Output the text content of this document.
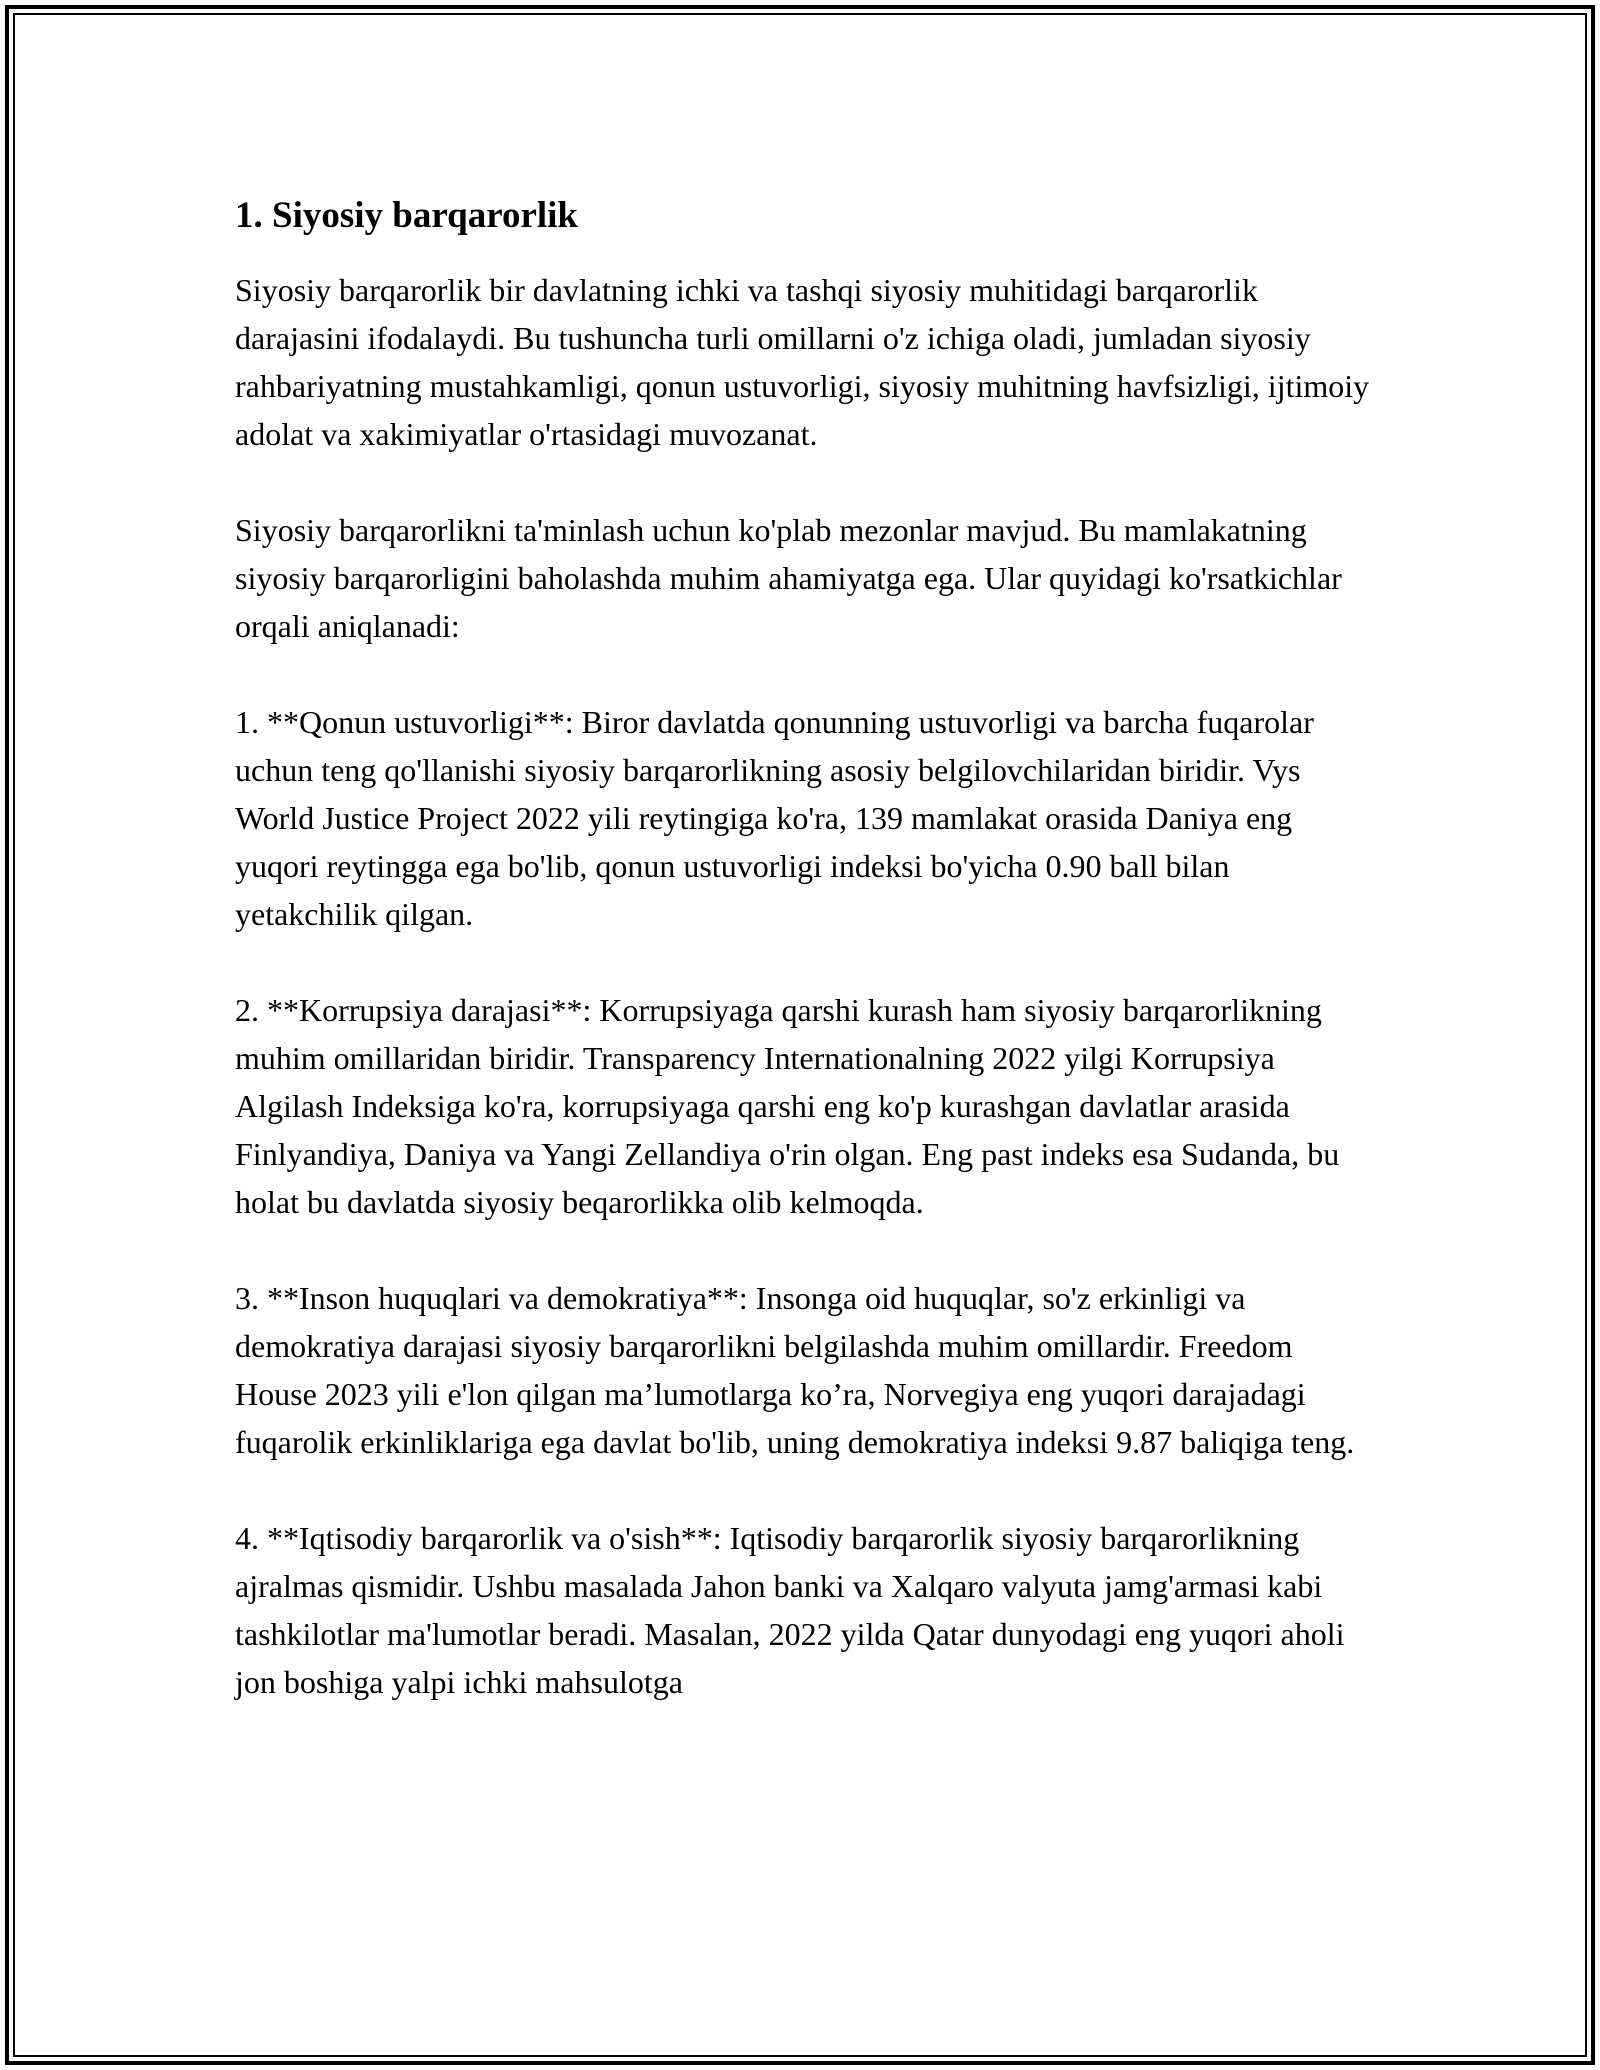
1. Siyosiy barqarorlik

Siyosiy barqarorlik bir davlatning ichki va tashqi siyosiy muhitidagi barqarorlik darajasini ifodalaydi. Bu tushuncha turli omillarni o'z ichiga oladi, jumladan siyosiy rahbariyatning mustahkamligi, qonun ustuvorligi, siyosiy muhitning havfsizligi, ijtimoiy adolat va xakimiyatlar o'rtasidagi muvozanat.

Siyosiy barqarorlikni ta'minlash uchun ko'plab mezonlar mavjud. Bu mamlakatning siyosiy barqarorligini baholashda muhim ahamiyatga ega. Ular quyidagi ko'rsatkichlar orqali aniqlanadi:

1. **Qonun ustuvorligi**: Biror davlatda qonunning ustuvorligi va barcha fuqarolar uchun teng qo'llanishi siyosiy barqarorlikning asosiy belgilovchilaridan biridir. Vys World Justice Project 2022 yili reytingiga ko'ra, 139 mamlakat orasida Daniya eng yuqori reytingga ega bo'lib, qonun ustuvorligi indeksi bo'yicha 0.90 ball bilan yetakchilik qilgan.

2. **Korrupsiya darajasi**: Korrupsiyaga qarshi kurash ham siyosiy barqarorlikning muhim omillaridan biridir. Transparency Internationalning 2022 yilgi Korrupsiya Algilash Indeksiga ko'ra, korrupsiyaga qarshi eng ko'p kurashgan davlatlar arasida Finlyandiya, Daniya va Yangi Zellandiya o'rin olgan. Eng past indeks esa Sudanda, bu holat bu davlatda siyosiy beqarorlikka olib kelmoqda.

3. **Inson huquqlari va demokratiya**: Insonga oid huquqlar, so'z erkinligi va demokratiya darajasi siyosiy barqarorlikni belgilashda muhim omillardir. Freedom House 2023 yili e'lon qilgan ma’lumotlarga ko’ra, Norvegiya eng yuqori darajadagi fuqarolik erkinliklariga ega davlat bo'lib, uning demokratiya indeksi 9.87 baliqiga teng.

4. **Iqtisodiy barqarorlik va o'sish**: Iqtisodiy barqarorlik siyosiy barqarorlikning ajralmas qismidir. Ushbu masalada Jahon banki va Xalqaro valyuta jamg'armasi kabi tashkilotlar ma'lumotlar beradi. Masalan, 2022 yilda Qatar dunyodagi eng yuqori aholi jon boshiga yalpi ichki mahsulotga
